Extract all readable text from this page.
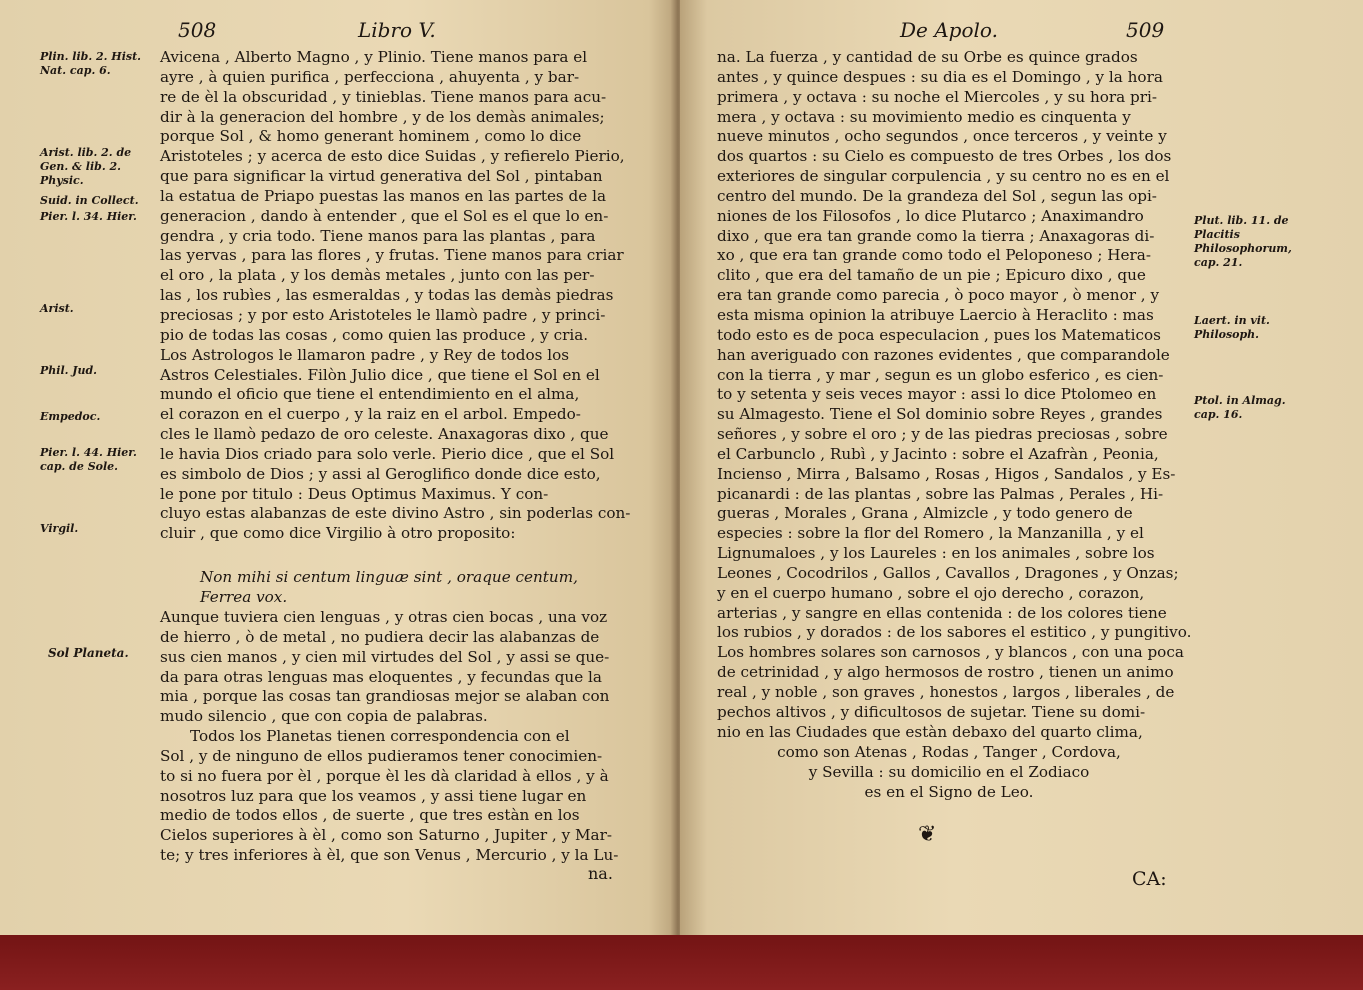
508	Libro V.
Plin. lib. 2. Hist. Nat. cap. 6.
Arist. lib. 2. de Gen. & lib. 2. Physic.
Suid. in Collect.
Pier. l. 34. Hier.
Arist.
Phil. Jud.
Empedoc.
Pier. l. 44. Hier. cap. de Sole.
Virgil.
Sol Planeta.
Avicena , Alberto Magno , y Plinio. Tiene manos para el
ayre , à quien purifica , perfecciona , ahuyenta , y bar-
re de èl la obscuridad , y tinieblas. Tiene manos para acu-
dir à la generacion del hombre , y de los demàs animales;
porque Sol , & homo generant hominem , como lo dice
Aristoteles ; y acerca de esto dice Suidas , y refierelo Pierio,
que para significar la virtud generativa del Sol , pintaban
la estatua de Priapo puestas las manos en las partes de la
generacion , dando à entender , que el Sol es el que lo en-
gendra , y cria todo. Tiene manos para las plantas , para
las yervas , para las flores , y frutas. Tiene manos para criar
el oro , la plata , y los demàs metales , junto con las per-
las , los rubìes , las esmeraldas , y todas las demàs piedras
preciosas ; y por esto Aristoteles le llamò padre , y princi-
pio de todas las cosas , como quien las produce , y cria.
Los Astrologos le llamaron padre , y Rey de todos los
Astros Celestiales. Filòn Julio dice , que tiene el Sol en el
mundo el oficio que tiene el entendimiento en el alma,
el corazon en el cuerpo , y la raiz en el arbol. Empedo-
cles le llamò pedazo de oro celeste. Anaxagoras dixo , que
le havia Dios criado para solo verle. Pierio dice , que el Sol
es simbolo de Dios ; y assi al Geroglifico donde dice esto,
le pone por titulo : Deus Optimus Maximus. Y con-
cluyo estas alabanzas de este divino Astro , sin poderlas con-
cluir , que como dice Virgilio à otro proposito:
Non mihi si centum linguæ sint , oraque centum,
Ferrea vox.
Aunque tuviera cien lenguas , y otras cien bocas , una voz
de hierro , ò de metal , no pudiera decir las alabanzas de
sus cien manos , y cien mil virtudes del Sol , y assi se que-
da para otras lenguas mas eloquentes , y fecundas que la
mia , porque las cosas tan grandiosas mejor se alaban con
mudo silencio , que con copia de palabras.
Todos los Planetas tienen correspondencia con el
Sol , y de ninguno de ellos pudieramos tener conocimien-
to si no fuera por èl , porque èl les dà claridad à ellos , y à
nosotros luz para que los veamos , y assi tiene lugar en
medio de todos ellos , de suerte , que tres estàn en los
Cielos superiores à èl , como son Saturno , Jupiter , y Mar-
te; y tres inferiores à èl, que son Venus , Mercurio , y la Lu-
na.
De Apolo.	509
na. La fuerza , y cantidad de su Orbe es quince grados
antes , y quince despues : su dia es el Domingo , y la hora
primera , y octava : su noche el Miercoles , y su hora pri-
mera , y octava : su movimiento medio es cinquenta y
nueve minutos , ocho segundos , once terceros , y veinte y
dos quartos : su Cielo es compuesto de tres Orbes , los dos
exteriores de singular corpulencia , y su centro no es en el
centro del mundo. De la grandeza del Sol , segun las opi-
niones de los Filosofos , lo dice Plutarco ; Anaximandro
dixo , que era tan grande como la tierra ; Anaxagoras di-
xo , que era tan grande como todo el Peloponeso ; Hera-
clito , que era del tamaño de un pie ; Epicuro dixo , que
era tan grande como parecia , ò poco mayor , ò menor , y
esta misma opinion la atribuye Laercio à Heraclito : mas
todo esto es de poca especulacion , pues los Matematicos
han averiguado con razones evidentes , que comparandole
con la tierra , y mar , segun es un globo esferico , es cien-
to y setenta y seis veces mayor : assi lo dice Ptolomeo en
su Almagesto. Tiene el Sol dominio sobre Reyes , grandes
señores , y sobre el oro ; y de las piedras preciosas , sobre
el Carbunclo , Rubì , y Jacinto : sobre el Azafràn , Peonia,
Incienso , Mirra , Balsamo , Rosas , Higos , Sandalos , y Es-
picanardi : de las plantas , sobre las Palmas , Perales , Hi-
gueras , Morales , Grana , Almizcle , y todo genero de
especies : sobre la flor del Romero , la Manzanilla , y el
Lignumaloes , y los Laureles : en los animales , sobre los
Leones , Cocodrilos , Gallos , Cavallos , Dragones , y Onzas;
y en el cuerpo humano , sobre el ojo derecho , corazon,
arterias , y sangre en ellas contenida : de los colores tiene
los rubios , y dorados : de los sabores el estitico , y pungitivo.
Los hombres solares son carnosos , y blancos , con una poca
de cetrinidad , y algo hermosos de rostro , tienen un animo
real , y noble , son graves , honestos , largos , liberales , de
pechos altivos , y dificultosos de sujetar. Tiene su domi-
nio en las Ciudades que estàn debaxo del quarto clima,
como son Atenas , Rodas , Tanger , Cordova,
y Sevilla : su domicilio en el Zodiaco
es en el Signo de Leo.
❦
Plut. lib. 11. de Placitis Philosophorum, cap. 21.
Laert. in vit. Philosoph.
Ptol. in Almag. cap. 16.
CA:
